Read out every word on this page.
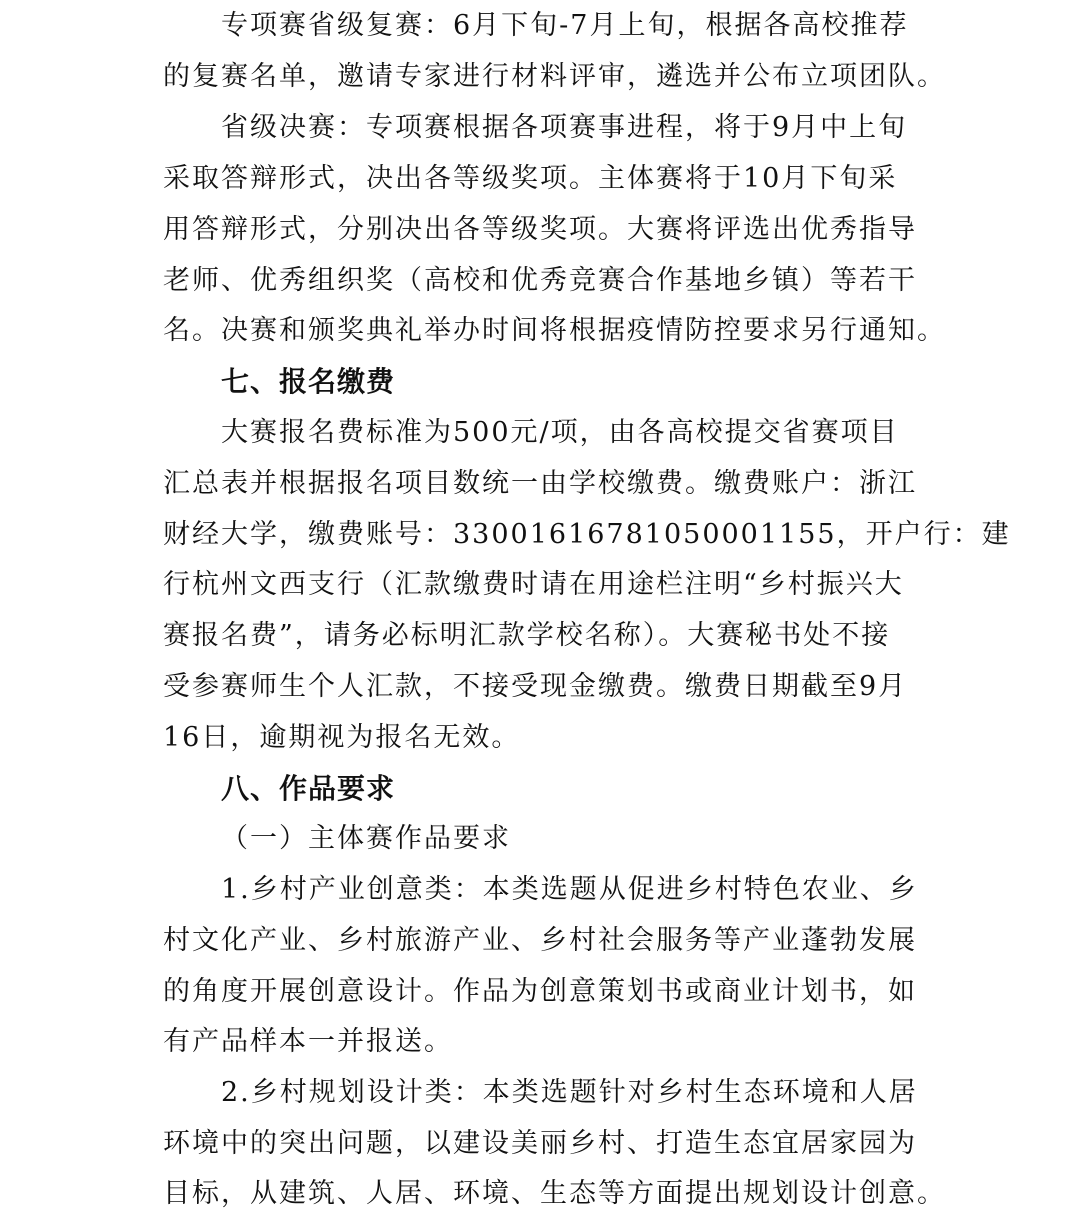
专项赛省级复赛：6月下旬-7月上旬，根据各高校推荐
的复赛名单，邀请专家进行材料评审，遴选并公布立项团队。
省级决赛：专项赛根据各项赛事进程，将于9月中上旬
采取答辩形式，决出各等级奖项。主体赛将于10月下旬采
用答辩形式，分别决出各等级奖项。大赛将评选出优秀指导
老师、优秀组织奖（高校和优秀竞赛合作基地乡镇）等若干
名。决赛和颁奖典礼举办时间将根据疫情防控要求另行通知。
七、报名缴费
大赛报名费标准为500元/项，由各高校提交省赛项目
汇总表并根据报名项目数统一由学校缴费。缴费账户：浙江
财经大学，缴费账号：33001616781050001155，开户行：建
行杭州文西支行（汇款缴费时请在用途栏注明“乡村振兴大
赛报名费”，请务必标明汇款学校名称）。大赛秘书处不接
受参赛师生个人汇款，不接受现金缴费。缴费日期截至9月
16日，逾期视为报名无效。
八、作品要求
（一）主体赛作品要求
1.乡村产业创意类：本类选题从促进乡村特色农业、乡
村文化产业、乡村旅游产业、乡村社会服务等产业蓬勃发展
的角度开展创意设计。作品为创意策划书或商业计划书，如
有产品样本一并报送。
2.乡村规划设计类：本类选题针对乡村生态环境和人居
环境中的突出问题，以建设美丽乡村、打造生态宜居家园为
目标，从建筑、人居、环境、生态等方面提出规划设计创意。
